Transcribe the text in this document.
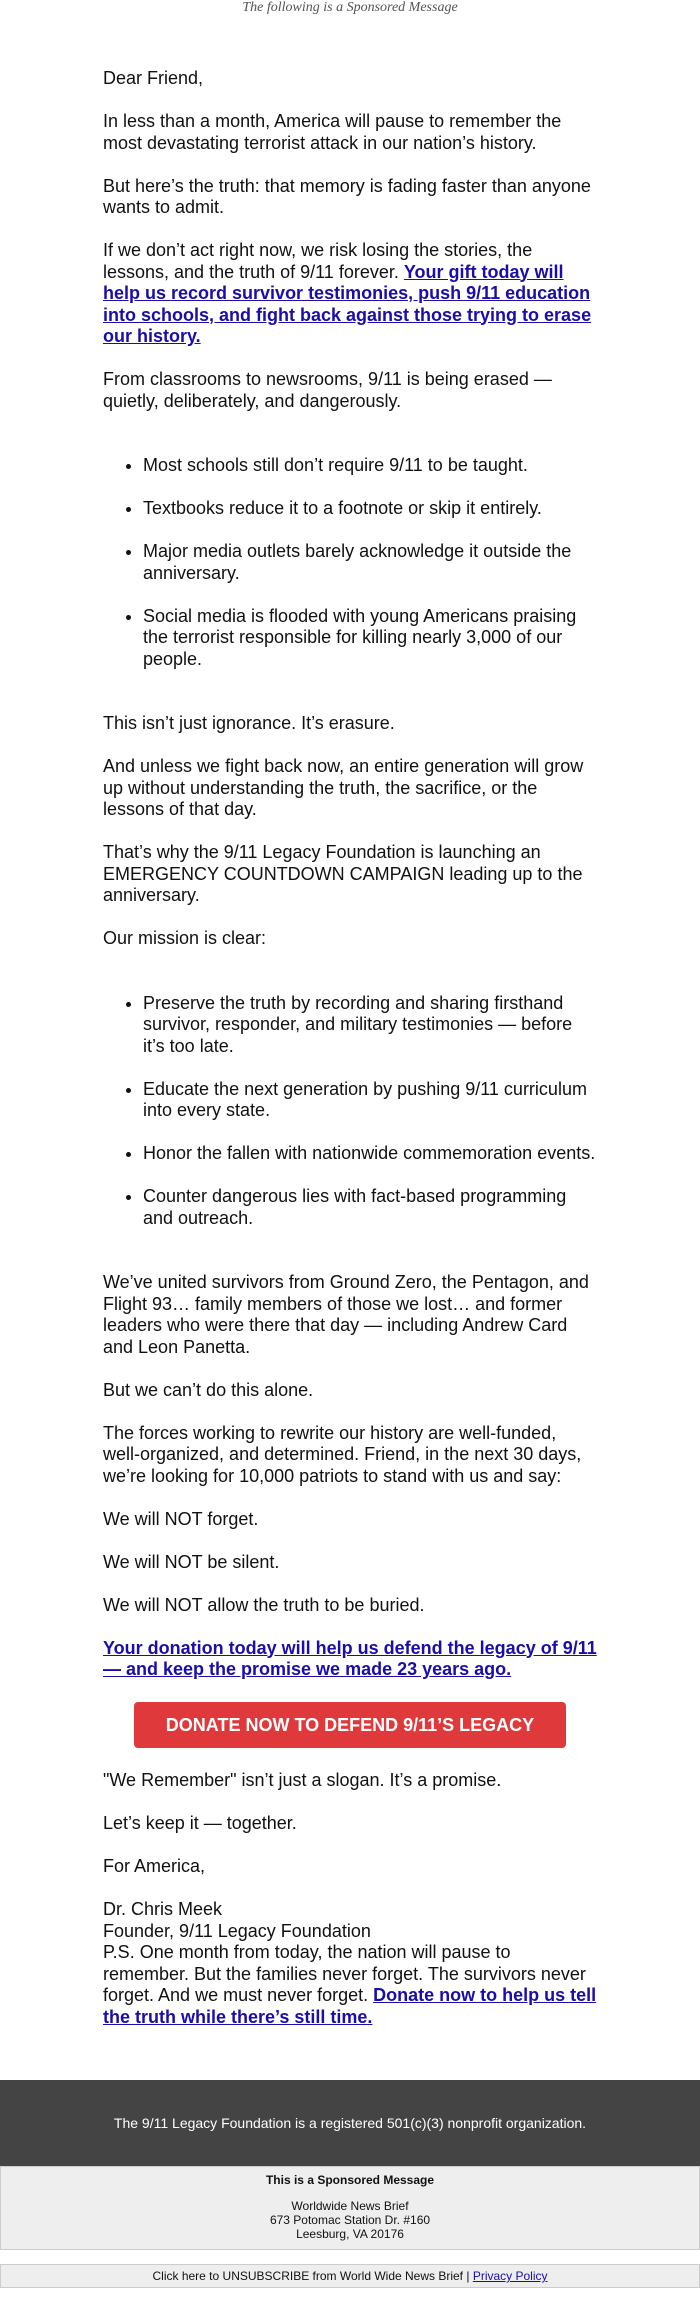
The following is a Sponsored Message

Dear Friend,

In less than a month, America will pause to remember the most devastating terrorist attack in our nation’s history.

But here’s the truth: that memory is fading faster than anyone wants to admit.

If we don’t act right now, we risk losing the stories, the lessons, and the truth of 9/11 forever. Your gift today will help us record survivor testimonies, push 9/11 education into schools, and fight back against those trying to erase our history.

From classrooms to newsrooms, 9/11 is being erased — quietly, deliberately, and dangerously.

• Most schools still don’t require 9/11 to be taught.
• Textbooks reduce it to a footnote or skip it entirely.
• Major media outlets barely acknowledge it outside the anniversary.
• Social media is flooded with young Americans praising the terrorist responsible for killing nearly 3,000 of our people.

This isn’t just ignorance. It’s erasure.

And unless we fight back now, an entire generation will grow up without understanding the truth, the sacrifice, or the lessons of that day.

That’s why the 9/11 Legacy Foundation is launching an EMERGENCY COUNTDOWN CAMPAIGN leading up to the anniversary.

Our mission is clear:

• Preserve the truth by recording and sharing firsthand survivor, responder, and military testimonies — before it’s too late.
• Educate the next generation by pushing 9/11 curriculum into every state.
• Honor the fallen with nationwide commemoration events.
• Counter dangerous lies with fact-based programming and outreach.

We’ve united survivors from Ground Zero, the Pentagon, and Flight 93… family members of those we lost… and former leaders who were there that day — including Andrew Card and Leon Panetta.

But we can’t do this alone.

The forces working to rewrite our history are well-funded, well-organized, and determined. Friend, in the next 30 days, we’re looking for 10,000 patriots to stand with us and say:

We will NOT forget.

We will NOT be silent.

We will NOT allow the truth to be buried.

Your donation today will help us defend the legacy of 9/11 — and keep the promise we made 23 years ago.

DONATE NOW TO DEFEND 9/11’S LEGACY

"We Remember" isn’t just a slogan. It’s a promise.

Let’s keep it — together.

For America,

Dr. Chris Meek

Founder, 9/11 Legacy Foundation

P.S. One month from today, the nation will pause to remember. But the families never forget. The survivors never forget. And we must never forget. Donate now to help us tell the truth while there’s still time.

The 9/11 Legacy Foundation is a registered 501(c)(3) nonprofit organization.
This is a Sponsored Message
Worldwide News Brief
673 Potomac Station Dr. #160
Leesburg, VA 20176
Click here to UNSUBSCRIBE from World Wide News Brief | Privacy Policy
